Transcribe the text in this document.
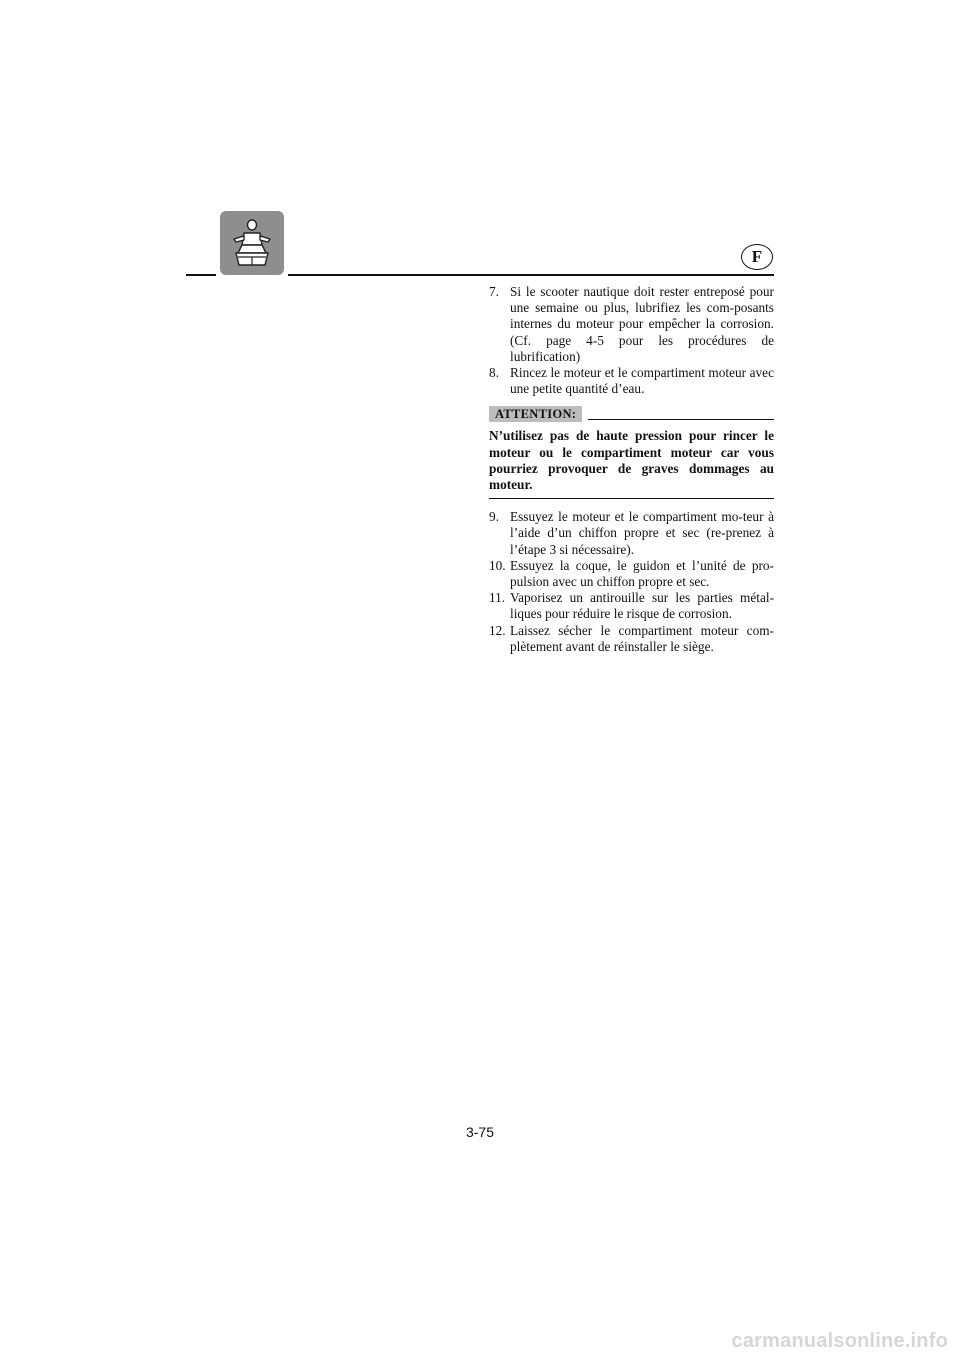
F
7. Si le scooter nautique doit rester entreposé pour une semaine ou plus, lubrifiez les com-posants internes du moteur pour empêcher la corrosion. (Cf. page 4-5 pour les procédures de lubrification)
8. Rincez le moteur et le compartiment moteur avec une petite quantité d’eau.
ATTENTION:
N’utilisez pas de haute pression pour rincer le moteur ou le compartiment moteur car vous pourriez provoquer de graves dommages au moteur.
9. Essuyez le moteur et le compartiment mo-teur à l’aide d’un chiffon propre et sec (re-prenez à l’étape 3 si nécessaire).
10. Essuyez la coque, le guidon et l’unité de pro-pulsion avec un chiffon propre et sec.
11. Vaporisez un antirouille sur les parties métal-liques pour réduire le risque de corrosion.
12. Laissez sécher le compartiment moteur com-plètement avant de réinstaller le siège.
3-75
carmanualsonline.info
